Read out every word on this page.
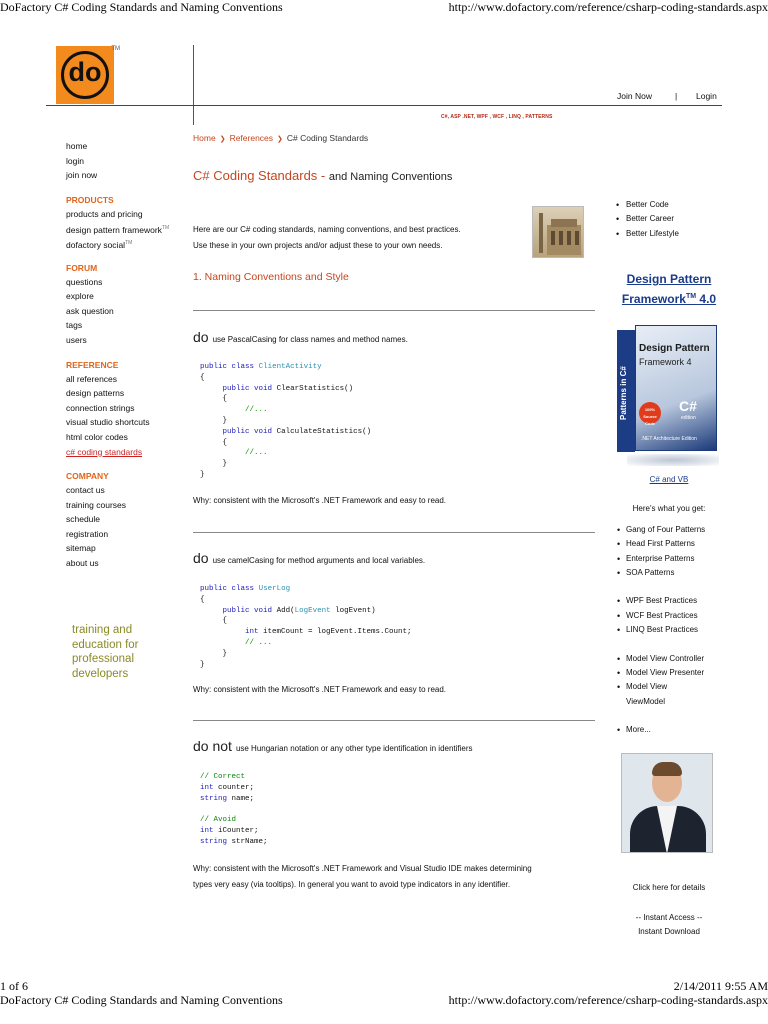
DoFactory C# Coding Standards and Naming Conventions	http://www.dofactory.com/reference/csharp-coding-standards.aspx
do
TM
Join Now	| Login
C#, ASP .NET, WPF , WCF , LINQ , PATTERNS
home
login
join now
PRODUCTS
products and pricing
design pattern framework™
dofactory social™
FORUM
questions
explore
ask question
tags
users
REFERENCE
all references
design patterns
connection strings
visual studio shortcuts
html color codes
c# coding standards
COMPANY
contact us
training courses
schedule
registration
sitemap
about us
training and
education for
professional
developers
Home ❯ References ❯ C# Coding Standards
C# Coding Standards - and Naming Conventions
Here are our C# coding standards, naming conventions, and best practices.
Use these in your own projects and/or adjust these to your own needs.
1. Naming Conventions and Style
do use PascalCasing for class names and method names.
public class ClientActivity
{
public void ClearStatistics()
{
//...
}
public void CalculateStatistics()
{
//...
}
}
Why: consistent with the Microsoft's .NET Framework and easy to read.
do use camelCasing for method arguments and local variables.
public class UserLog
{
public void Add(LogEvent logEvent)
{
int itemCount = logEvent.Items.Count;
// ...
}
}
Why: consistent with the Microsoft's .NET Framework and easy to read.
do not use Hungarian notation or any other type identification in identifiers
// Correct
int counter;
string name;

// Avoid
int iCounter;
string strName;
Why: consistent with the Microsoft's .NET Framework and Visual Studio IDE makes determining
types very easy (via tooltips). In general you want to avoid type indicators in any identifier.
• Better Code
• Better Career
• Better Lifestyle
Design Pattern Framework™ 4.0
Patterns in C#
Design Pattern
Framework 4
100% Source Code
C#
edition
.NET Architecture Edition
C# and VB
Here's what you get:
• Gang of Four Patterns
• Head First Patterns
• Enterprise Patterns
• SOA Patterns
• WPF Best Practices
• WCF Best Practices
• LINQ Best Practices
• Model View Controller
• Model View Presenter
• Model View ViewModel
• More...
Click here for details
-- Instant Access --
Instant Download
1 of 6	2/14/2011 9:55 AM
DoFactory C# Coding Standards and Naming Conventions	http://www.dofactory.com/reference/csharp-coding-standards.aspx
